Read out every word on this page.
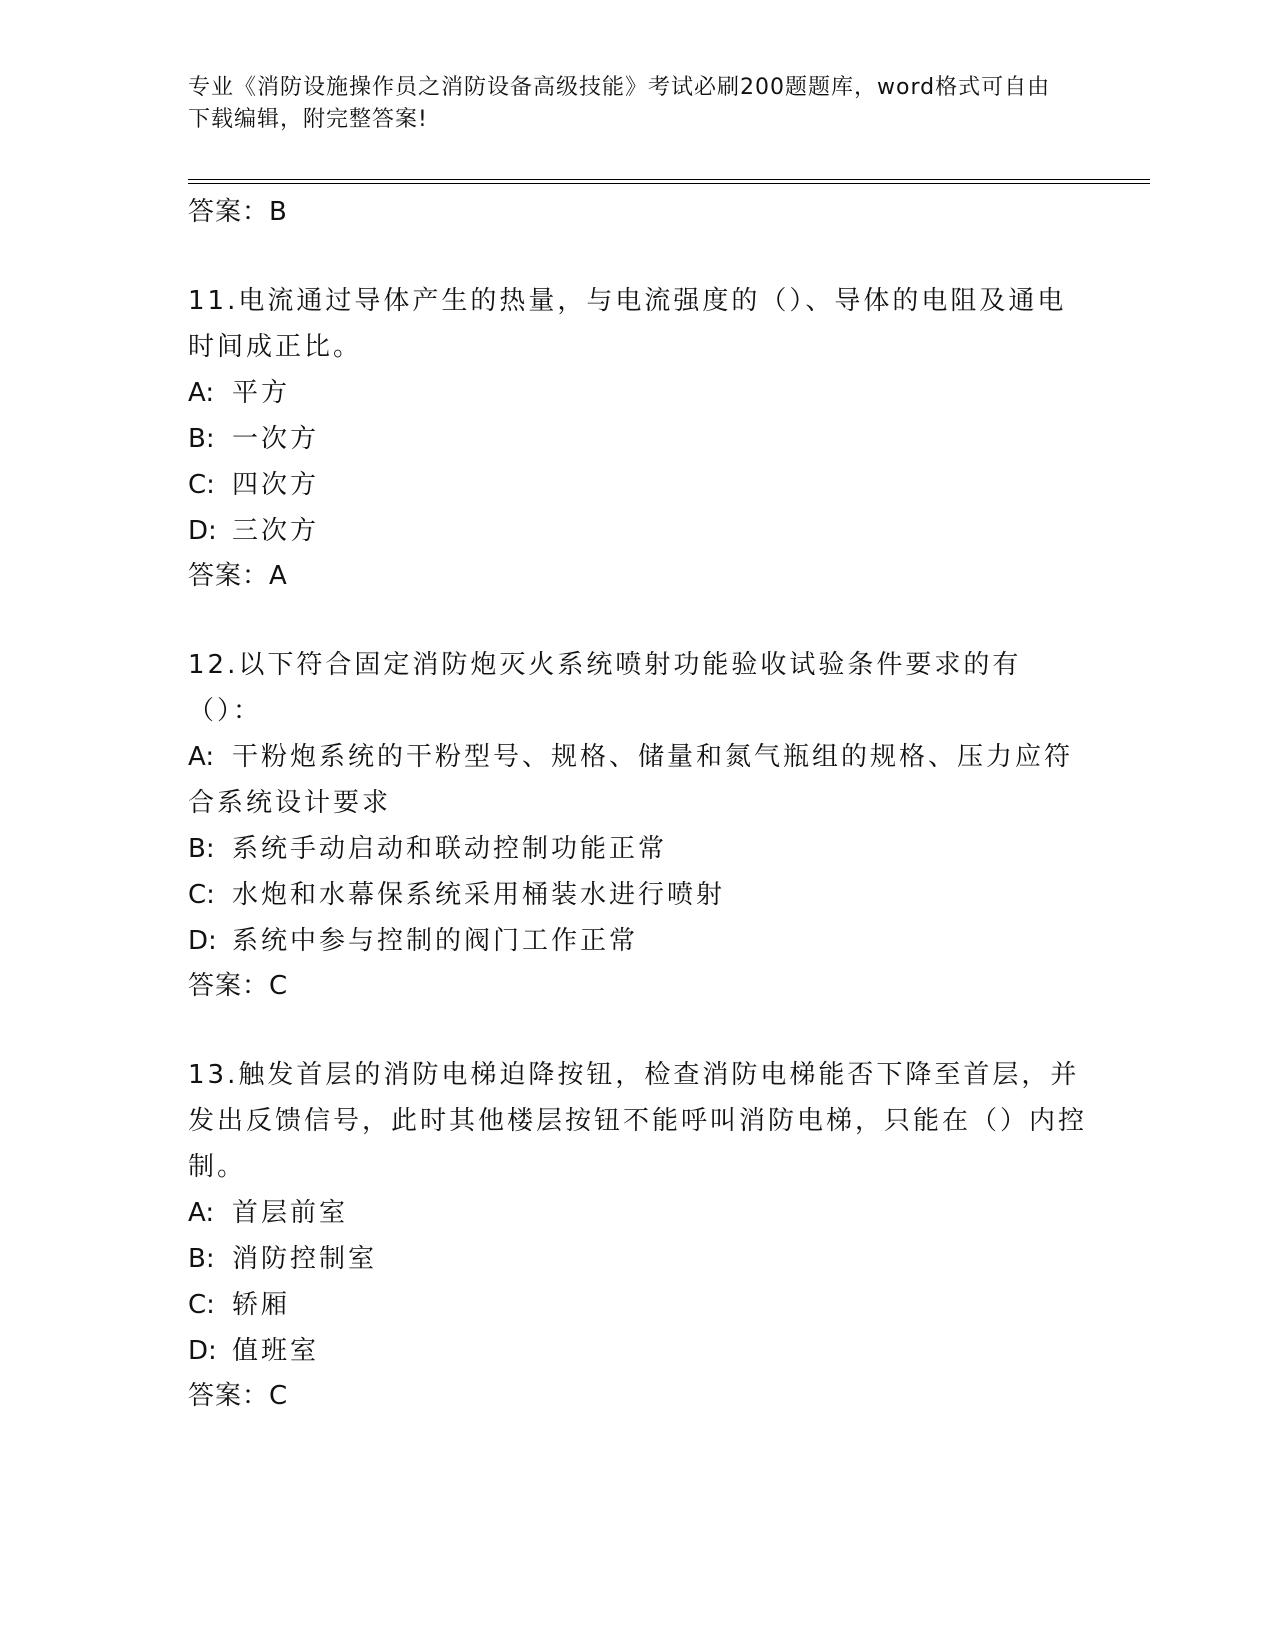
专业《消防设施操作员之消防设备高级技能》考试必刷200题题库，word格式可自由下载编辑，附完整答案!

答案：B

11.电流通过导体产生的热量，与电流强度的（）、导体的电阻及通电时间成正比。

A: 平方

B: 一次方

C: 四次方

D: 三次方

答案：A

12.以下符合固定消防炮灭火系统喷射功能验收试验条件要求的有（）：

A: 干粉炮系统的干粉型号、规格、储量和氮气瓶组的规格、压力应符合系统设计要求

B: 系统手动启动和联动控制功能正常

C: 水炮和水幕保系统采用桶装水进行喷射

D: 系统中参与控制的阀门工作正常

答案：C

13.触发首层的消防电梯迫降按钮，检查消防电梯能否下降至首层，并发出反馈信号，此时其他楼层按钮不能呼叫消防电梯，只能在（）内控制。

A: 首层前室

B: 消防控制室

C: 轿厢

D: 值班室

答案：C
